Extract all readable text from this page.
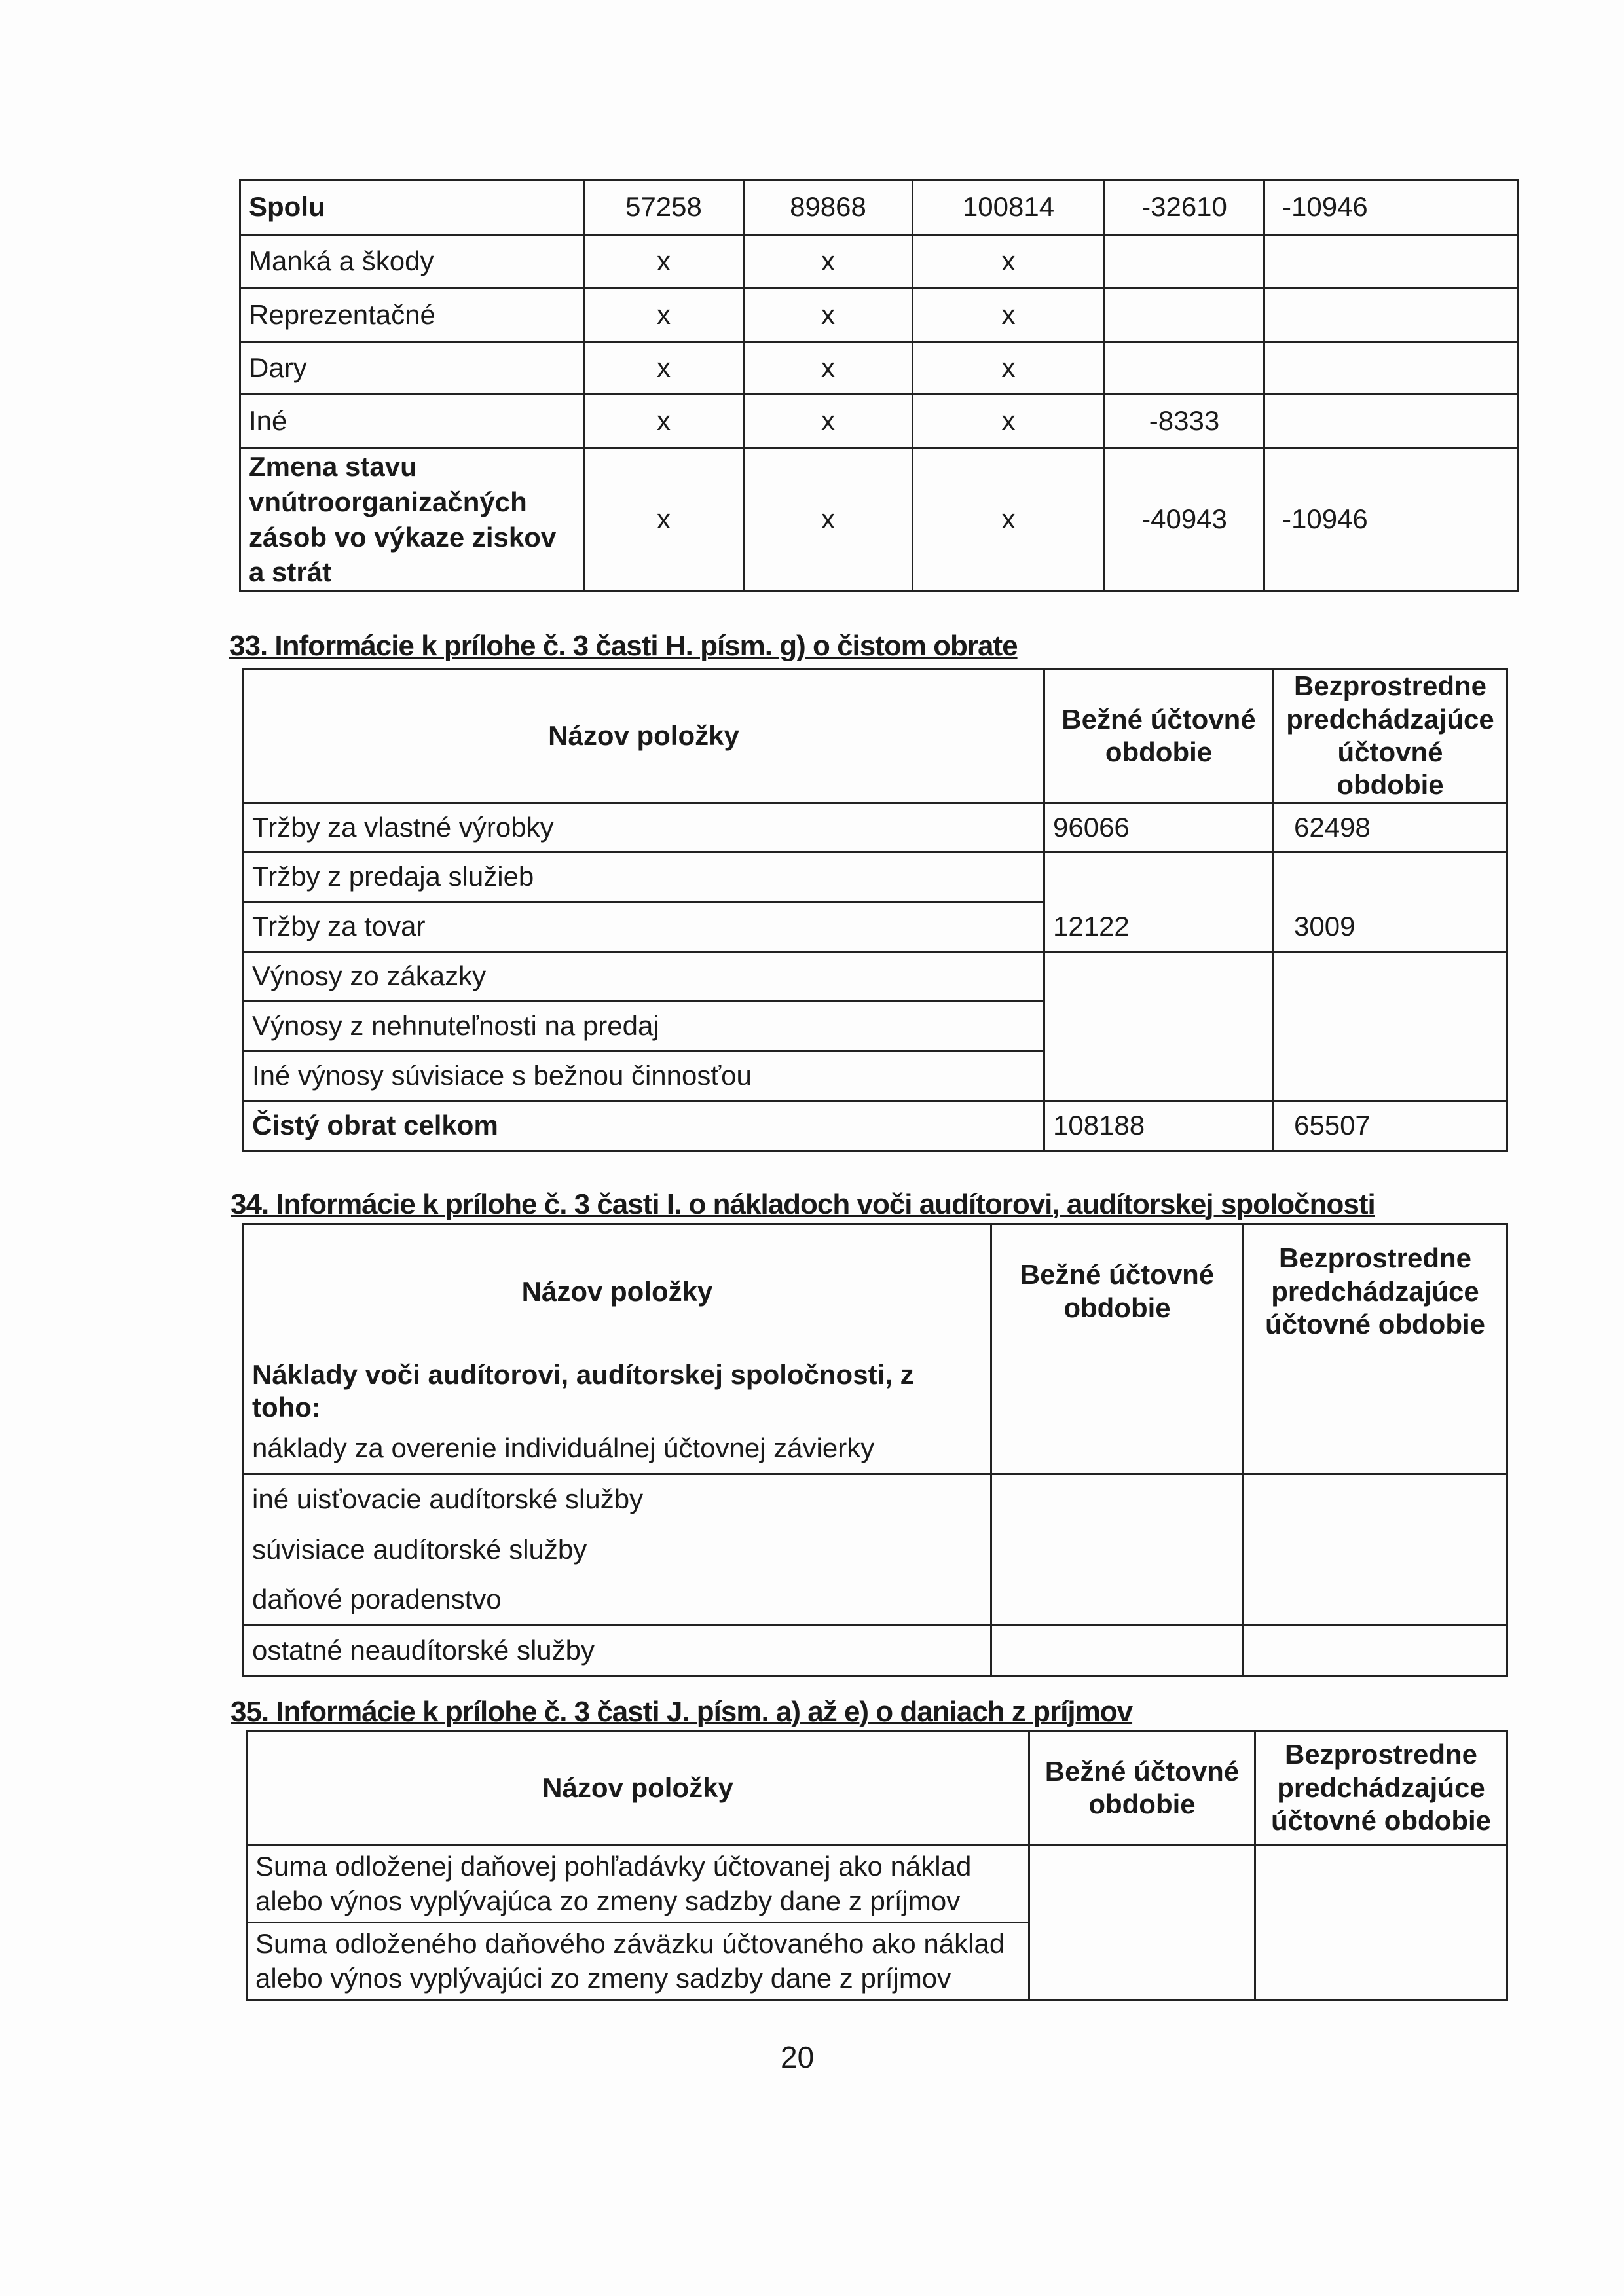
Spolu	57258	89868	100814	-32610	-10946
Manká a škody	x	x	x		
Reprezentačné	x	x	x		
Dary	x	x	x		
Iné	x	x	x	-8333	
Zmena stavu vnútroorganizačných zásob vo výkaze ziskov a strát	x	x	x	-40943	-10946
33. Informácie k prílohe č. 3 časti H. písm. g) o čistom obrate
Názov položky	Bežné účtovné obdobie	Bezprostredne predchádzajúce účtovné obdobie
Tržby za vlastné výrobky	96066	62498
Tržby z predaja služieb		
Tržby za tovar	12122	3009
Výnosy zo zákazky		
Výnosy z nehnuteľnosti na predaj		
Iné výnosy súvisiace s bežnou činnosťou		
Čistý obrat celkom	108188	65507
34. Informácie k prílohe č. 3 časti I. o nákladoch voči audítorovi, audítorskej spoločnosti
Názov položky	Bežné účtovné obdobie	Bezprostredne predchádzajúce účtovné obdobie
Náklady voči audítorovi, audítorskej spoločnosti, z toho:		
náklady za overenie individuálnej účtovnej závierky		
iné uisťovacie audítorské služby		
súvisiace audítorské služby		
daňové poradenstvo		
ostatné neaudítorské služby		
35. Informácie k prílohe č. 3 časti J. písm. a) až e) o daniach z príjmov
Názov položky	Bežné účtovné obdobie	Bezprostredne predchádzajúce účtovné obdobie
Suma odloženej daňovej pohľadávky účtovanej ako náklad alebo výnos vyplývajúca zo zmeny sadzby dane z príjmov		
Suma odloženého daňového záväzku účtovaného ako náklad alebo výnos vyplývajúci zo zmeny sadzby dane z príjmov		
20
